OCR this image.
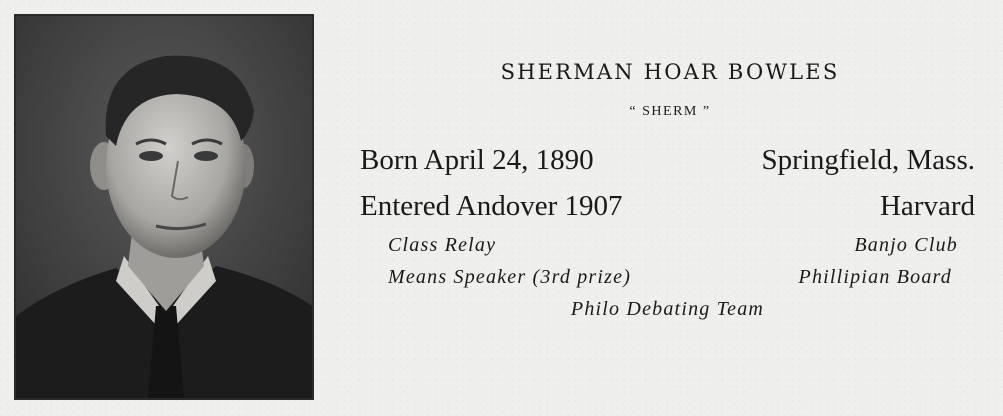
SHERMAN HOAR BOWLES
“ SHERM ”
Born April 24, 1890	Springfield, Mass.
Entered Andover 1907	Harvard
Class Relay	Banjo Club
Means Speaker (3rd prize)	Phillipian Board
Philo Debating Team
